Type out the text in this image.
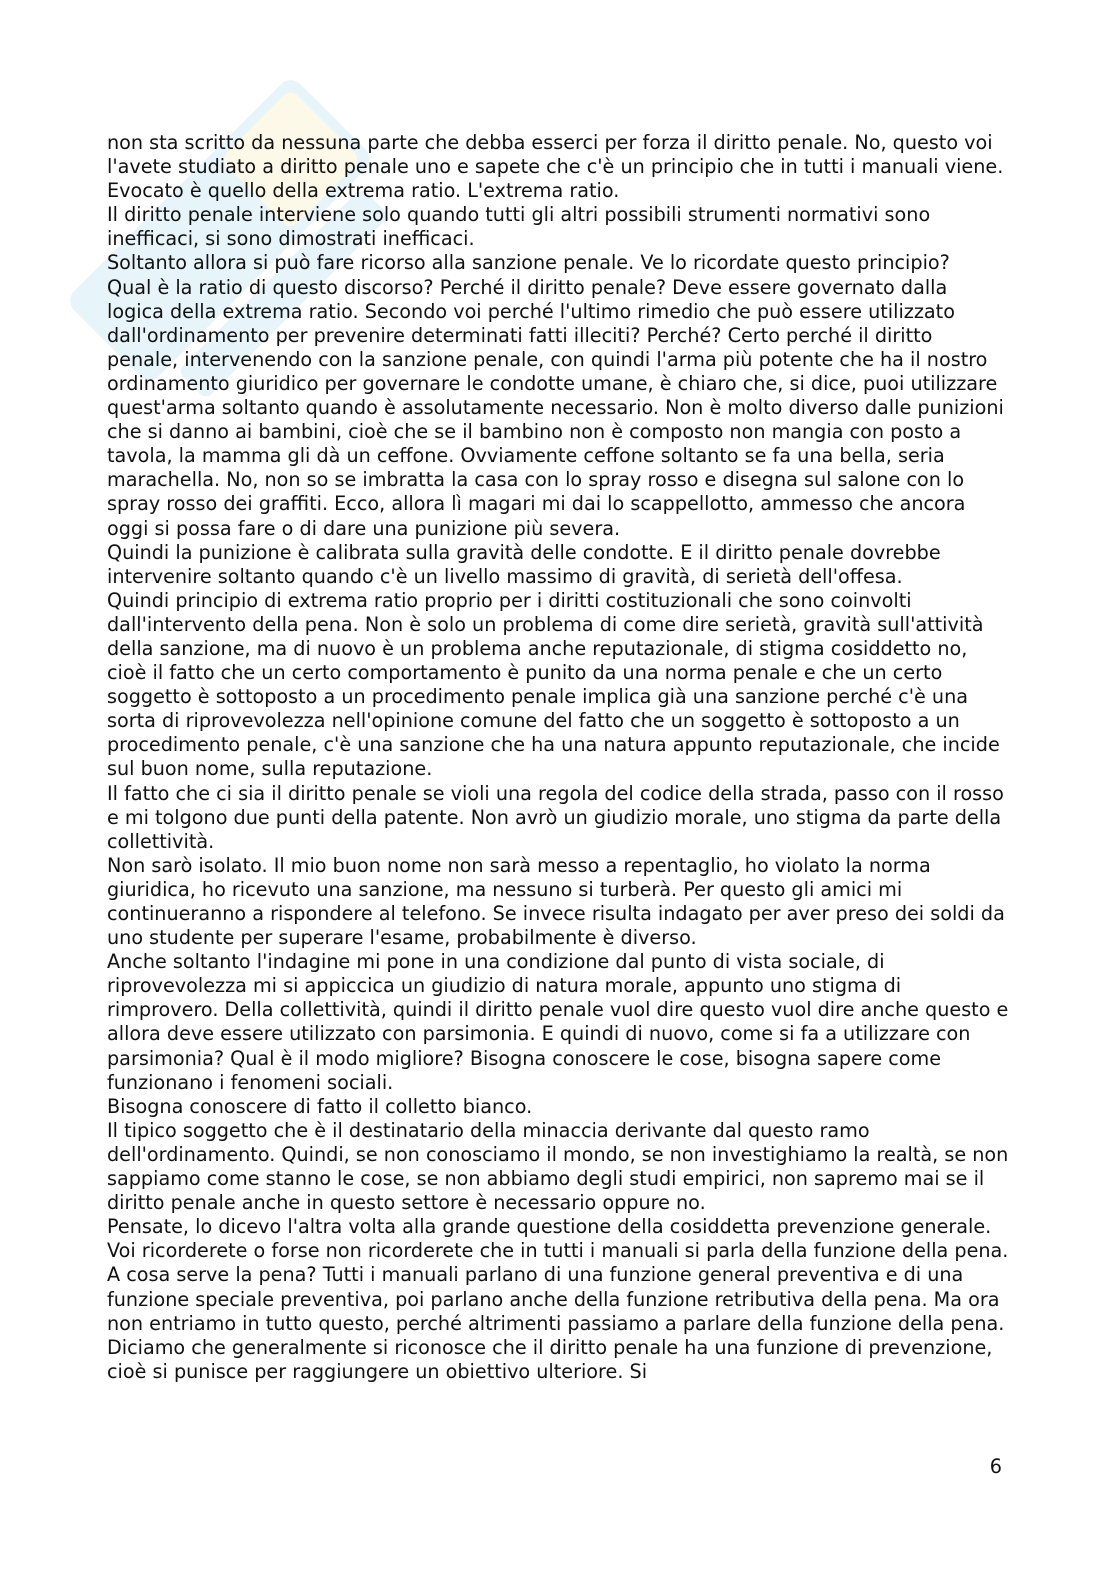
non sta scritto da nessuna parte che debba esserci per forza il diritto penale. No, questo voi l'avete studiato a diritto penale uno e sapete che c'è un principio che in tutti i manuali viene. Evocato è quello della extrema ratio. L'extrema ratio.

Il diritto penale interviene solo quando tutti gli altri possibili strumenti normativi sono inefficaci, si sono dimostrati inefficaci.

Soltanto allora si può fare ricorso alla sanzione penale. Ve lo ricordate questo principio?

Qual è la ratio di questo discorso? Perché il diritto penale? Deve essere governato dalla logica della extrema ratio. Secondo voi perché l'ultimo rimedio che può essere utilizzato dall'ordinamento per prevenire determinati fatti illeciti? Perché? Certo perché il diritto penale, intervenendo con la sanzione penale, con quindi l'arma più potente che ha il nostro ordinamento giuridico per governare le condotte umane, è chiaro che, si dice, puoi utilizzare quest'arma soltanto quando è assolutamente necessario. Non è molto diverso dalle punizioni che si danno ai bambini, cioè che se il bambino non è composto non mangia con posto a tavola, la mamma gli dà un ceffone. Ovviamente ceffone soltanto se fa una bella, seria marachella. No, non so se imbratta la casa con lo spray rosso e disegna sul salone con lo spray rosso dei graffiti. Ecco, allora lì magari mi dai lo scappellotto, ammesso che ancora oggi si possa fare o di dare una punizione più severa.

Quindi la punizione è calibrata sulla gravità delle condotte. E il diritto penale dovrebbe intervenire soltanto quando c'è un livello massimo di gravità, di serietà dell'offesa.

Quindi principio di extrema ratio proprio per i diritti costituzionali che sono coinvolti dall'intervento della pena. Non è solo un problema di come dire serietà, gravità sull'attività della sanzione, ma di nuovo è un problema anche reputazionale, di stigma cosiddetto no, cioè il fatto che un certo comportamento è punito da una norma penale e che un certo soggetto è sottoposto a un procedimento penale implica già una sanzione perché c'è una sorta di riprovevolezza nell'opinione comune del fatto che un soggetto è sottoposto a un procedimento penale, c'è una sanzione che ha una natura appunto reputazionale, che incide sul buon nome, sulla reputazione.

Il fatto che ci sia il diritto penale se violi una regola del codice della strada, passo con il rosso e mi tolgono due punti della patente. Non avrò un giudizio morale, uno stigma da parte della collettività.

Non sarò isolato. Il mio buon nome non sarà messo a repentaglio, ho violato la norma giuridica, ho ricevuto una sanzione, ma nessuno si turberà. Per questo gli amici mi continueranno a rispondere al telefono. Se invece risulta indagato per aver preso dei soldi da uno studente per superare l'esame, probabilmente è diverso.

Anche soltanto l'indagine mi pone in una condizione dal punto di vista sociale, di riprovevolezza mi si appiccica un giudizio di natura morale, appunto uno stigma di rimprovero. Della collettività, quindi il diritto penale vuol dire questo vuol dire anche questo e allora deve essere utilizzato con parsimonia. E quindi di nuovo, come si fa a utilizzare con parsimonia? Qual è il modo migliore? Bisogna conoscere le cose, bisogna sapere come funzionano i fenomeni sociali.

Bisogna conoscere di fatto il colletto bianco.

Il tipico soggetto che è il destinatario della minaccia derivante dal questo ramo dell'ordinamento. Quindi, se non conosciamo il mondo, se non investighiamo la realtà, se non sappiamo come stanno le cose, se non abbiamo degli studi empirici, non sapremo mai se il diritto penale anche in questo settore è necessario oppure no.

Pensate, lo dicevo l'altra volta alla grande questione della cosiddetta prevenzione generale. Voi ricorderete o forse non ricorderete che in tutti i manuali si parla della funzione della pena.

A cosa serve la pena? Tutti i manuali parlano di una funzione general preventiva e di una funzione speciale preventiva, poi parlano anche della funzione retributiva della pena. Ma ora non entriamo in tutto questo, perché altrimenti passiamo a parlare della funzione della pena. Diciamo che generalmente si riconosce che il diritto penale ha una funzione di prevenzione, cioè si punisce per raggiungere un obiettivo ulteriore. Si

6
